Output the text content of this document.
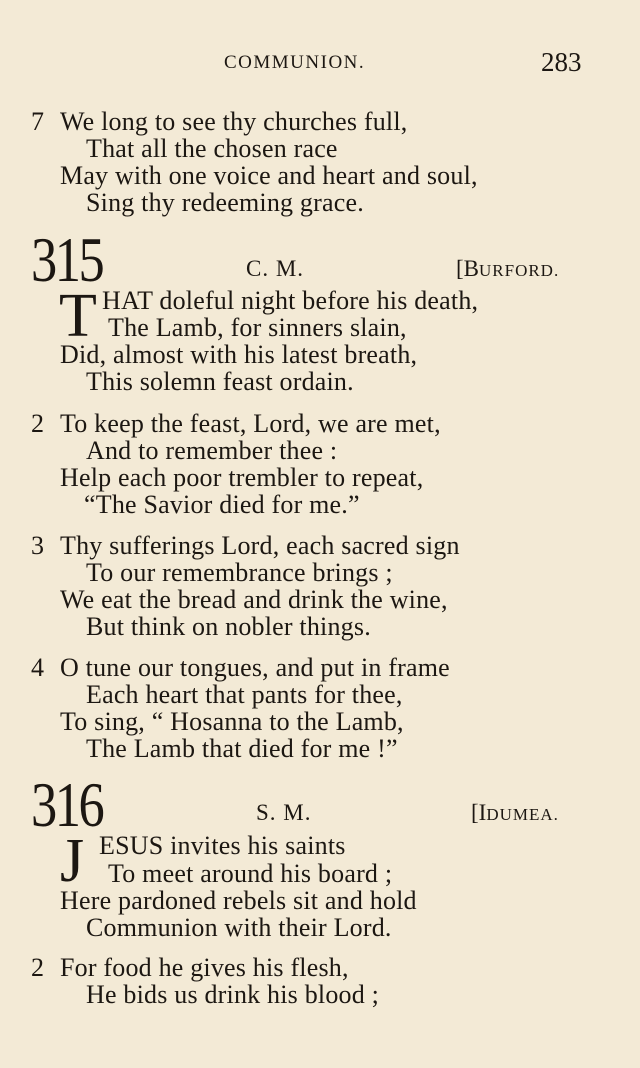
COMMUNION.	283
7 We long to see thy churches full,
That all the chosen race
May with one voice and heart and soul,
Sing thy redeeming grace.
315	C. M.	[BURFORD.
T HAT doleful night before his death,
The Lamb, for sinners slain,
Did, almost with his latest breath,
This solemn feast ordain.
2 To keep the feast, Lord, we are met,
And to remember thee :
Help each poor trembler to repeat,
“The Savior died for me.”
3 Thy sufferings Lord, each sacred sign
To our remembrance brings ;
We eat the bread and drink the wine,
But think on nobler things.
4 O tune our tongues, and put in frame
Each heart that pants for thee,
To sing, “ Hosanna to the Lamb,
The Lamb that died for me !”
316	S. M.	[IDUMEA.
J ESUS invites his saints
To meet around his board ;
Here pardoned rebels sit and hold
Communion with their Lord.
2 For food he gives his flesh,
He bids us drink his blood ;
